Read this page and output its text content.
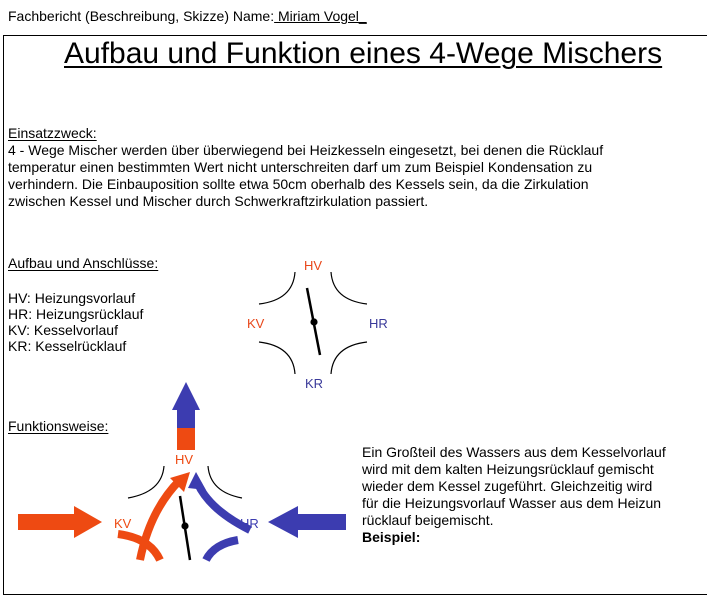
Fachbericht (Beschreibung, Skizze) Name: Miriam Vogel_
Aufbau und Funktion eines 4-Wege Mischers
Einsatzzweck:
4 - Wege Mischer werden über überwiegend bei Heizkesseln eingesetzt, bei denen die Rücklauf
temperatur einen bestimmten Wert nicht unterschreiten darf um zum Beispiel Kondensation zu
verhindern. Die Einbauposition sollte etwa 50cm oberhalb des Kessels sein, da die Zirkulation
zwischen Kessel und Mischer durch Schwerkraftzirkulation passiert.
Aufbau und Anschlüsse:
HV: Heizungsvorlauf
HR: Heizungsrücklauf
KV: Kesselvorlauf
KR: Kesselrücklauf
HV
HR
KV
KR
Funktionsweise:
Ein Großteil des Wassers aus dem Kesselvorlauf
wird mit dem kalten Heizungsrücklauf gemischt
wieder dem Kessel zugeführt. Gleichzeitig wird
für die Heizungsvorlauf Wasser aus dem Heizun
rücklauf beigemischt.
Beispiel:
HV
KV	HR
